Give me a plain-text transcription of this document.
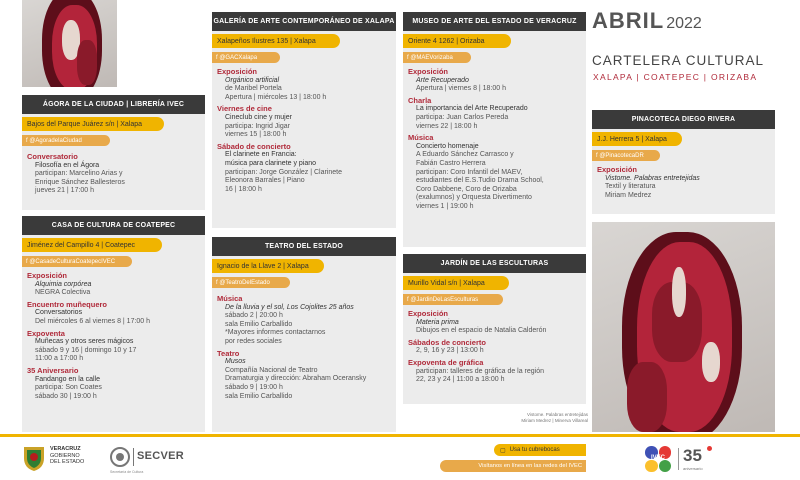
ÁGORA DE LA CIUDAD | LIBRERÍA IVEC
Bajos del Parque Juárez s/n | Xalapa
f @AgoradelaCiudad
Conversatorio
Filosofía en el Ágora
participan: Marcelino Arias y
Enrique Sánchez Ballesteros
jueves 21 | 17:00 h
CASA DE CULTURA DE COATEPEC
Jiménez del Campillo 4 | Coatepec
f @CasadeCulturaCoatepecIVEC
Exposición
Alquimia corpórea
NEGRA Colectiva
Encuentro muñequero
Conversatorios
Del miércoles 6 al viernes 8 | 17:00 h
Expoventa
Muñecas y otros seres mágicos
sábado 9 y 16 | domingo 10 y 17
11:00 a 17:00 h
35 Aniversario
Fandango en la calle
participa: Son Coates
sábado 30 | 19:00 h
GALERÍA DE ARTE CONTEMPORÁNEO DE XALAPA
Xalapeños Ilustres 135 | Xalapa
f @GACXalapa
Exposición
Orgánico artificial
de Maribel Portela
Apertura | miércoles 13 | 18:00 h
Viernes de cine
Cineclub cine y mujer
participa: Ingrid Jigar
viernes 15 | 18:00 h
Sábado de concierto
El clarinete en Francia:
música para clarinete y piano
participan: Jorge González | Clarinete
Eleonora Barrales | Piano
16 | 18:00 h
TEATRO DEL ESTADO
Ignacio de la Llave 2 | Xalapa
f @TeatroDelEstado
Música
De la lluvia y el sol, Los Cojolites 25 años
sábado 2 | 20:00 h
sala Emilio Carballido
*Mayores informes contactarnos
por redes sociales
Teatro
Musos
Compañía Nacional de Teatro
Dramaturgia y dirección: Abraham Oceransky
sábado 9 | 19:00 h
sala Emilio Carballido
MUSEO DE ARTE DEL ESTADO DE VERACRUZ
Oriente 4 1262 | Orizaba
f @MAEVorizaba
Exposición
Arte Recuperado
Apertura | viernes 8 | 18:00 h
Charla
La importancia del Arte Recuperado
participa: Juan Carlos Pereda
viernes 22 | 18:00 h
Música
Concierto homenaje
A Eduardo Sánchez Carrasco y
Fabián Castro Herrera
participan: Coro Infantil del MAEV,
estudiantes del E.S.Tudio Drama School,
Coro Dabbene, Coro de Orizaba
(exalumnos) y Orquesta Divertimento
viernes 1 | 19:00 h
JARDÍN DE LAS ESCULTURAS
Murillo Vidal s/n | Xalapa
f @JardinDeLasEsculturas
Exposición
Materia prima
Dibujos en el espacio de Natalia Calderón
Sábados de concierto
2, 9, 16 y 23 | 13:00 h
Expoventa de gráfica
participan: talleres de gráfica de la región
22, 23 y 24 | 11:00 a 18:00 h
Vistome. Palabras entretejidas
Miriam Medrez | Minerva Villareal
ABRIL 2022
CARTELERA CULTURAL
XALAPA | COATEPEC | ORIZABA
PINACOTECA DIEGO RIVERA
J.J. Herrera 5 | Xalapa
f @PinacotecaDR
Exposición
Vistome. Palabras entretejidas
Textil y literatura
Miriam Medrez
VERACRUZ
GOBIERNO
DEL ESTADO	SECVER
Secretaría de Cultura
▢ Usa tu cubrebocas
Visítanos en línea en las redes del IVEC
IVEC 35
aniversario
